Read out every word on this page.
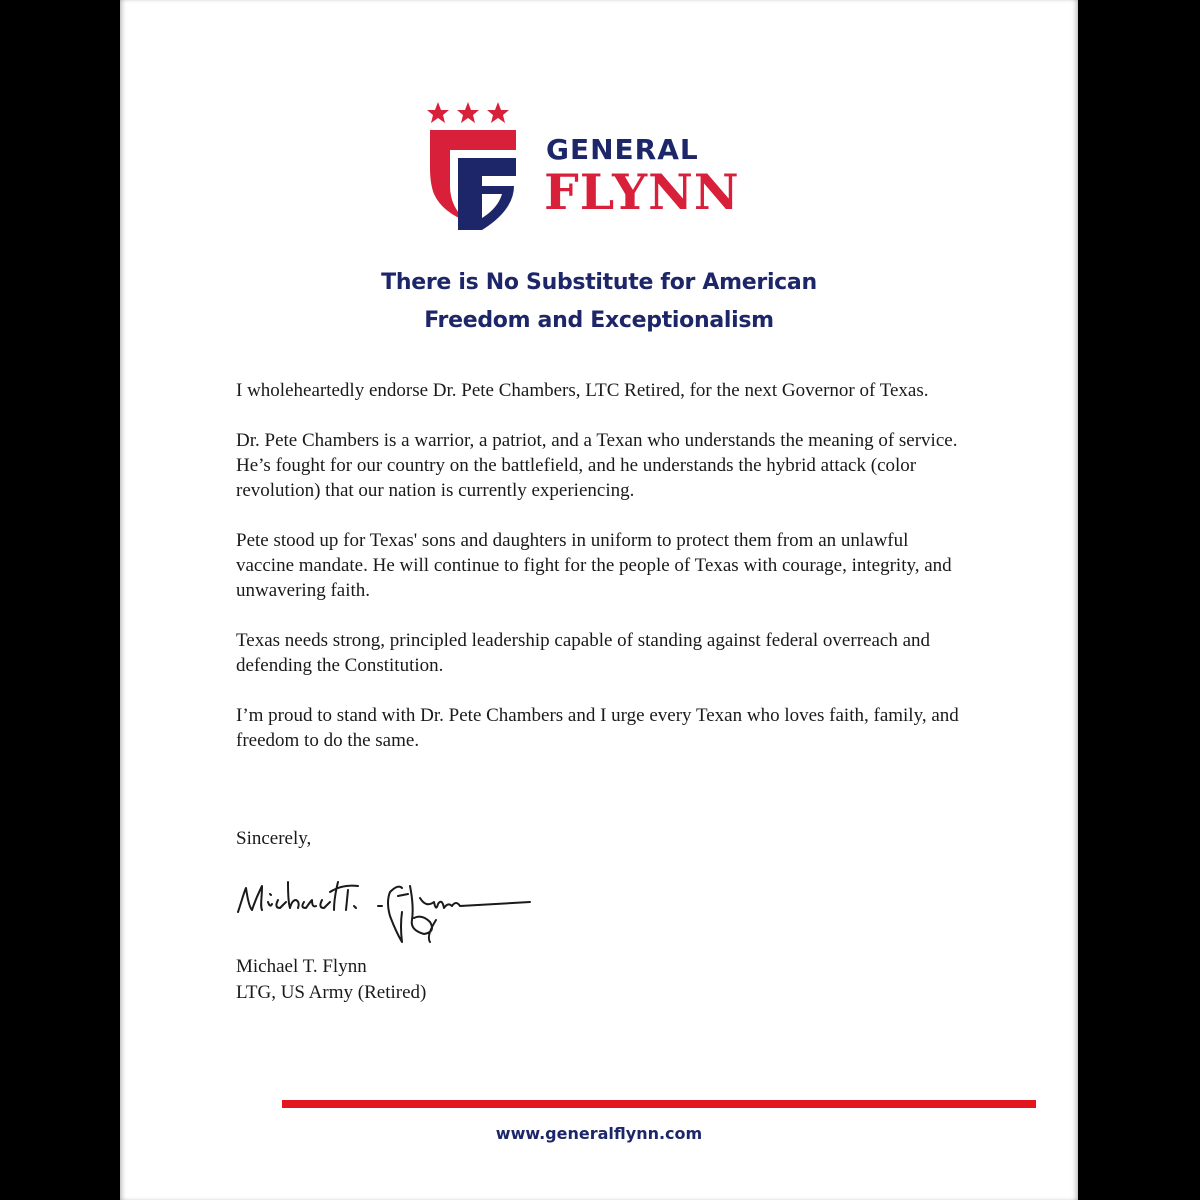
GENERAL
FLYNN
There is No Substitute for American
Freedom and Exceptionalism

I wholeheartedly endorse Dr. Pete Chambers, LTC Retired, for the next Governor of Texas.

Dr. Pete Chambers is a warrior, a patriot, and a Texan who understands the meaning of service. He’s fought for our country on the battlefield, and he understands the hybrid attack (color revolution) that our nation is currently experiencing.

Pete stood up for Texas' sons and daughters in uniform to protect them from an unlawful vaccine mandate. He will continue to fight for the people of Texas with courage, integrity, and unwavering faith.

Texas needs strong, principled leadership capable of standing against federal overreach and defending the Constitution.

I’m proud to stand with Dr. Pete Chambers and I urge every Texan who loves faith, family, and freedom to do the same.

Sincerely,
Michael T. Flynn
LTG, US Army (Retired)
www.generalflynn.com
